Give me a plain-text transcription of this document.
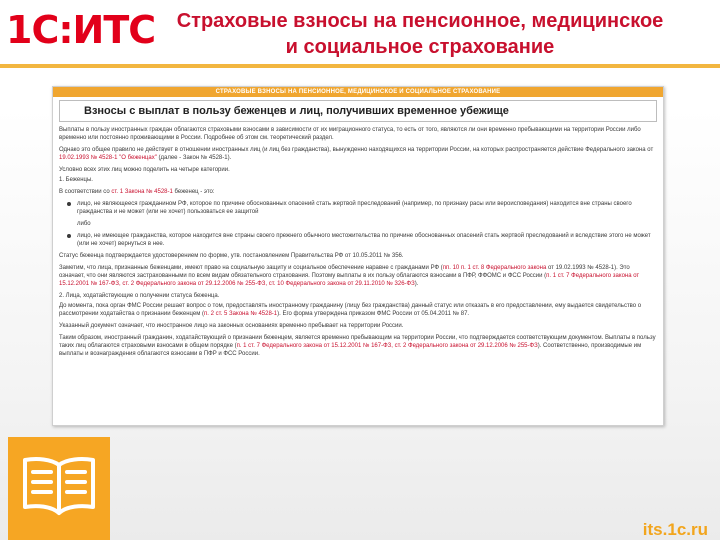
1С:ИТС	Страховые взносы на пенсионное, медицинское
и социальное страхование
СТРАХОВЫЕ ВЗНОСЫ НА ПЕНСИОННОЕ, МЕДИЦИНСКОЕ И СОЦИАЛЬНОЕ СТРАХОВАНИЕ
Взносы с выплат в пользу беженцев и лиц, получивших временное убежище
Выплаты в пользу иностранных граждан облагаются страховыми взносами в зависимости от их миграционного статуса, то есть от того, являются ли они временно пребывающими на территории России либо временно или постоянно проживающими в России. Подробнее об этом см. теоретический раздел.
Однако это общее правило не действует в отношении иностранных лиц (и лиц без гражданства), вынужденно находящихся на территории России, на которых распространяется действие Федерального закона от 19.02.1993 № 4528-1 "О беженцах" (далее - Закон № 4528-1).
Условно всех этих лиц можно поделить на четыре категории.
1. Беженцы.
В соответствии со ст. 1 Закона № 4528-1 беженец - это:
лицо, не являющееся гражданином РФ, которое по причине обоснованных опасений стать жертвой преследований (например, по признаку расы или вероисповедания) находится вне страны своего гражданства и не может (или не хочет) пользоваться ее защитой
либо
лицо, не имеющее гражданства, которое находится вне страны своего прежнего обычного местожительства по причине обоснованных опасений стать жертвой преследований и вследствие этого не может (или не хочет) вернуться в нее.
Статус беженца подтверждается удостоверением по форме, утв. постановлением Правительства РФ от 10.05.2011 № 356.
Заметим, что лица, признанные беженцами, имеют право на социальную защиту и социальное обеспечение наравне с гражданами РФ (пп. 10 п. 1 ст. 8 Федерального закона от 19.02.1993 № 4528-1). Это означает, что они являются застрахованными по всем видам обязательного страхования. Поэтому выплаты в их пользу облагаются взносами в ПФР, ФФОМС и ФСС России (п. 1 ст. 7 Федерального закона от 15.12.2001 № 167-ФЗ, ст. 2 Федерального закона от 29.12.2006 № 255-ФЗ, ст. 10 Федерального закона от 29.11.2010 № 326-ФЗ).
2. Лица, ходатайствующие о получении статуса беженца.
До момента, пока орган ФМС России решает вопрос о том, предоставлять иностранному гражданину (лицу без гражданства) данный статус или отказать в его предоставлении, ему выдается свидетельство о рассмотрении ходатайства о признании беженцем (п. 2 ст. 5 Закона № 4528-1). Его форма утверждена приказом ФМС России от 05.04.2011 № 87.
Указанный документ означает, что иностранное лицо на законных основаниях временно пребывает на территории России.
Таким образом, иностранный гражданин, ходатайствующий о признании беженцем, является временно пребывающим на территории России, что подтверждается соответствующим документом. Выплаты в пользу таких лиц облагаются страховыми взносами в общем порядке (п. 1 ст. 7 Федерального закона от 15.12.2001 № 167-ФЗ, ст. 2 Федерального закона от 29.12.2006 № 255-ФЗ). Соответственно, производимые им выплаты и вознаграждения облагаются взносами в ПФР и ФСС России.
its.1c.ru
